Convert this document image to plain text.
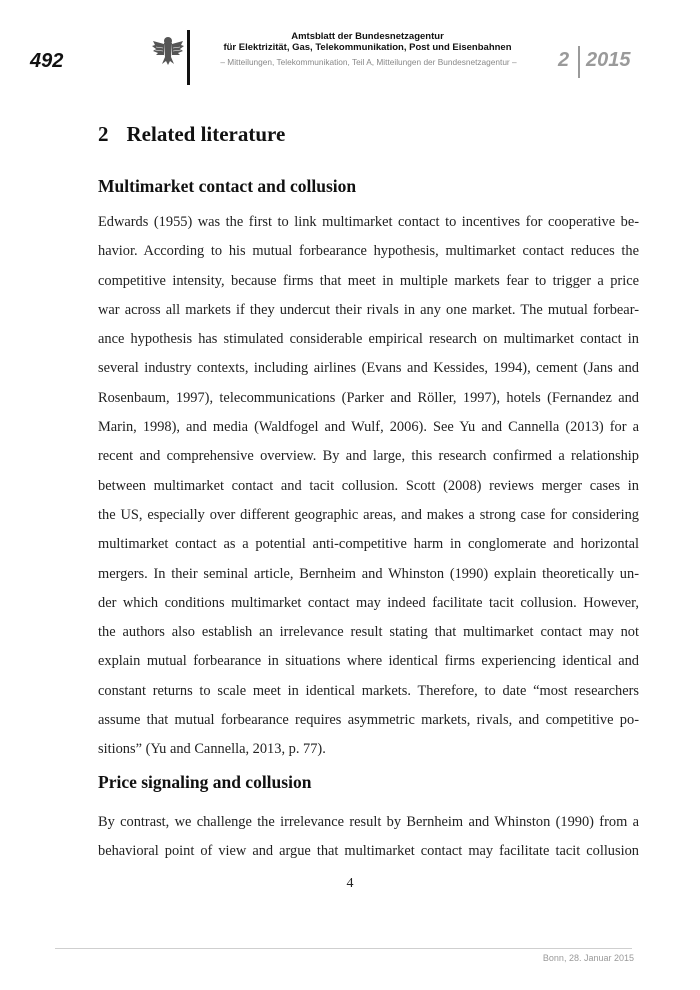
492
Amtsblatt der Bundesnetzagentur
für Elektrizität, Gas, Telekommunikation, Post und Eisenbahnen
– Mitteilungen, Telekommunikation, Teil A, Mitteilungen der Bundesnetzagentur –	2 2015
2 Related literature
Multimarket contact and collusion
Edwards (1955) was the first to link multimarket contact to incentives for cooperative be-
havior. According to his mutual forbearance hypothesis, multimarket contact reduces the
competitive intensity, because firms that meet in multiple markets fear to trigger a price
war across all markets if they undercut their rivals in any one market. The mutual forbear-
ance hypothesis has stimulated considerable empirical research on multimarket contact in
several industry contexts, including airlines (Evans and Kessides, 1994), cement (Jans and
Rosenbaum, 1997), telecommunications (Parker and Röller, 1997), hotels (Fernandez and
Marin, 1998), and media (Waldfogel and Wulf, 2006). See Yu and Cannella (2013) for a
recent and comprehensive overview. By and large, this research confirmed a relationship
between multimarket contact and tacit collusion. Scott (2008) reviews merger cases in
the US, especially over different geographic areas, and makes a strong case for considering
multimarket contact as a potential anti-competitive harm in conglomerate and horizontal
mergers. In their seminal article, Bernheim and Whinston (1990) explain theoretically un-
der which conditions multimarket contact may indeed facilitate tacit collusion. However,
the authors also establish an irrelevance result stating that multimarket contact may not
explain mutual forbearance in situations where identical firms experiencing identical and
constant returns to scale meet in identical markets. Therefore, to date “most researchers
assume that mutual forbearance requires asymmetric markets, rivals, and competitive po-
sitions” (Yu and Cannella, 2013, p. 77).
Price signaling and collusion
By contrast, we challenge the irrelevance result by Bernheim and Whinston (1990) from a
behavioral point of view and argue that multimarket contact may facilitate tacit collusion
4
Bonn, 28. Januar 2015
